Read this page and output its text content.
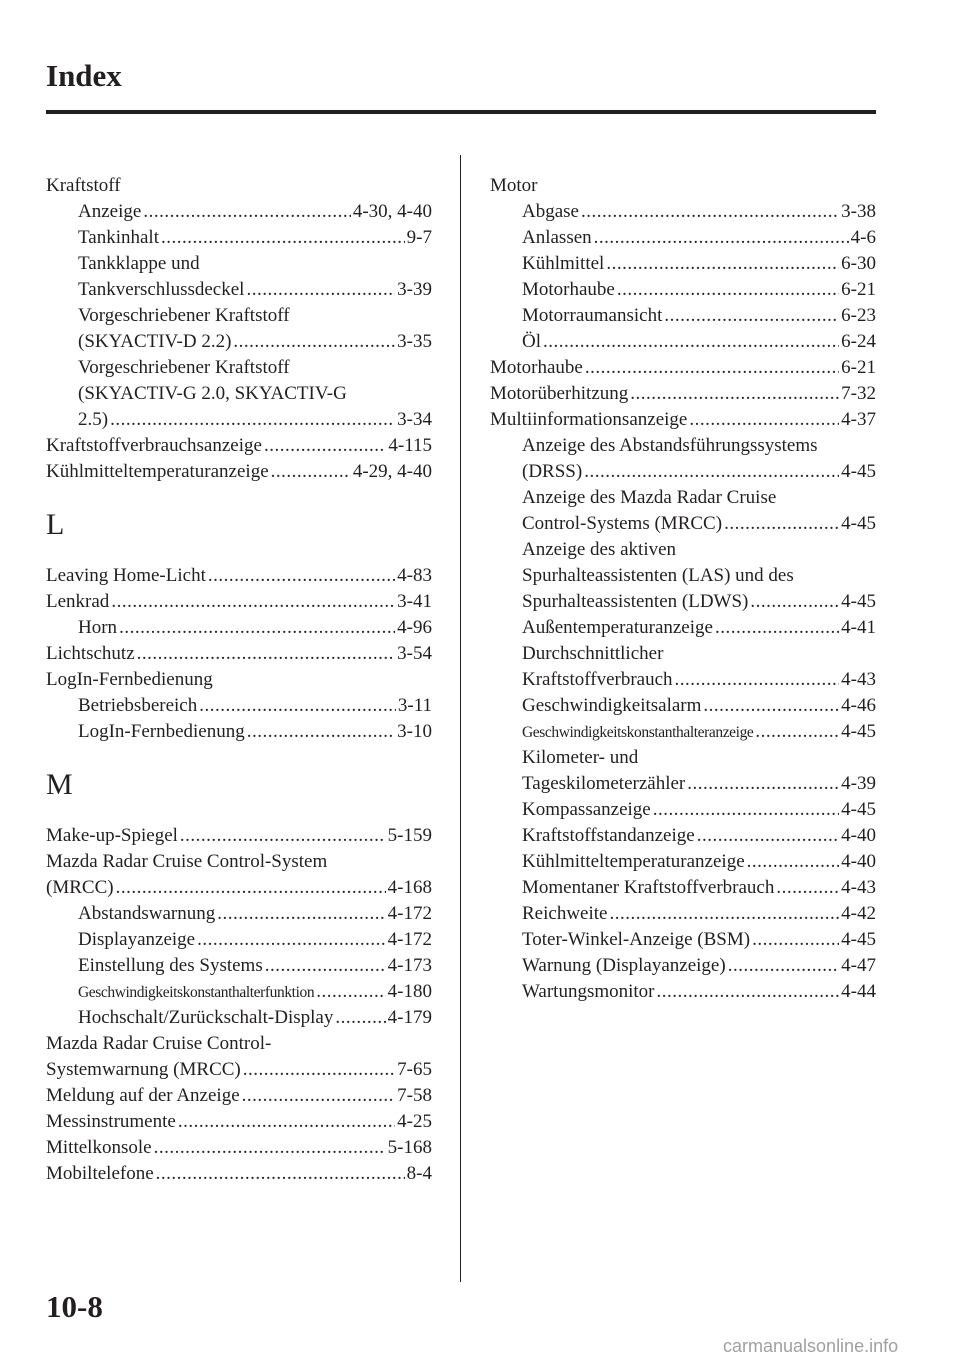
Index
Kraftstoff
Anzeige .....	4-30, 4-40
Tankinhalt .....	9-7
Tankklappe und
Tankverschlussdeckel .....	3-39
Vorgeschriebener Kraftstoff
(SKYACTIV-D 2.2) .....	3-35
Vorgeschriebener Kraftstoff
(SKYACTIV-G 2.0, SKYACTIV-G
2.5) .....	3-34
Kraftstoffverbrauchsanzeige .....	4-115
Kühlmitteltemperaturanzeige .....	4-29, 4-40
L
Leaving Home-Licht .....	4-83
Lenkrad .....	3-41
Horn .....	4-96
Lichtschutz .....	3-54
LogIn-Fernbedienung
Betriebsbereich .....	3-11
LogIn-Fernbedienung .....	3-10
M
Make-up-Spiegel .....	5-159
Mazda Radar Cruise Control-System
(MRCC) .....	4-168
Abstandswarnung .....	4-172
Displayanzeige .....	4-172
Einstellung des Systems .....	4-173
Geschwindigkeitskonstanthalterfunktion .....	4-180
Hochschalt/Zurückschalt-Display .....	4-179
Mazda Radar Cruise Control-
Systemwarnung (MRCC) .....	7-65
Meldung auf der Anzeige .....	7-58
Messinstrumente .....	4-25
Mittelkonsole .....	5-168
Mobiltelefone .....	8-4
Motor
Abgase .....	3-38
Anlassen .....	4-6
Kühlmittel .....	6-30
Motorhaube .....	6-21
Motorraumansicht .....	6-23
Öl .....	6-24
Motorhaube .....	6-21
Motorüberhitzung .....	7-32
Multiinformationsanzeige .....	4-37
Anzeige des Abstandsführungssystems
(DRSS) .....	4-45
Anzeige des Mazda Radar Cruise
Control-Systems (MRCC) .....	4-45
Anzeige des aktiven
Spurhalteassistenten (LAS) und des
Spurhalteassistenten (LDWS) .....	4-45
Außentemperaturanzeige .....	4-41
Durchschnittlicher
Kraftstoffverbrauch .....	4-43
Geschwindigkeitsalarm .....	4-46
Geschwindigkeitskonstanthalteranzeige .....	4-45
Kilometer- und
Tageskilometerzähler .....	4-39
Kompassanzeige .....	4-45
Kraftstoffstandanzeige .....	4-40
Kühlmitteltemperaturanzeige .....	4-40
Momentaner Kraftstoffverbrauch .....	4-43
Reichweite .....	4-42
Toter-Winkel-Anzeige (BSM) .....	4-45
Warnung (Displayanzeige) .....	4-47
Wartungsmonitor .....	4-44
10-8
carmanualsonline.info
